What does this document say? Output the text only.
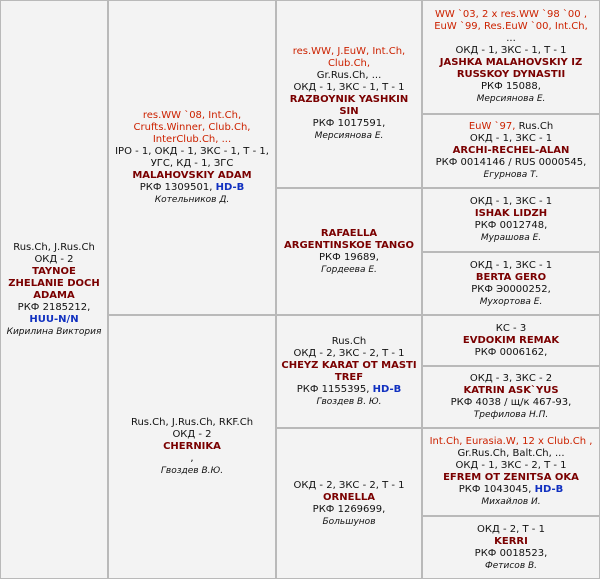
Rus.Ch, J.Rus.Ch
ОКД - 2
TAYNOE ZHELANIE DOCH ADAMA
РКФ 2185212,
HUU-N/N
Кирилина Виктория
res.WW `08, Int.Ch, Crufts.Winner, Club.Ch, InterClub.Ch, ...
IPO - 1, ОКД - 1, ЗКС - 1, Т - 1, УГС, КД - 1, ЗГС
MALAHOVSKIY ADAM
РКФ 1309501, HD-B
Котельников Д.
Rus.Ch, J.Rus.Ch, RKF.Ch
ОКД - 2
CHERNIKA
,
Гвоздев В.Ю.
res.WW, J.EuW, Int.Ch, Club.Ch,
Gr.Rus.Ch, ...
ОКД - 1, ЗКС - 1, Т - 1
RAZBOYNIK YASHKIN SIN
РКФ 1017591,
Мерсиянова Е.
RAFAELLA ARGENTINSKOE TANGO
РКФ 19689,
Гордеева Е.
Rus.Ch
ОКД - 2, ЗКС - 2, Т - 1
CHEYZ KARAT OT MASTI TREF
РКФ 1155395, HD-B
Гвоздев В. Ю.
ОКД - 2, ЗКС - 2, Т - 1
ORNELLA
РКФ 1269699,
Большунов
WW `03, 2 x res.WW `98 `00 , EuW `99, Res.EuW `00, Int.Ch,
...
ОКД - 1, ЗКС - 1, Т - 1
JASHKA MALAHOVSKIY IZ RUSSKOY DYNASTII
РКФ 15088,
Мерсиянова Е.
EuW `97, Rus.Ch
ОКД - 1, ЗКС - 1
ARCHI-RECHEL-ALAN
РКФ 0014146 / RUS 0000545,
Егурнова Т.
ОКД - 1, ЗКС - 1
ISHAK LIDZH
РКФ 0012748,
Мурашова Е.
ОКД - 1, ЗКС - 1
BERTA GERO
РКФ Э0000252,
Мухортова Е.
КС - 3
EVDOKIM REMAK
РКФ 0006162,
ОКД - 3, ЗКС - 2
KATRIN ASK`YUS
РКФ 4038 / щ/к 467-93,
Трефилова Н.П.
Int.Ch, Eurasia.W, 12 x Club.Ch ,
Gr.Rus.Ch, Balt.Ch, ...
ОКД - 1, ЗКС - 2, Т - 1
EFREM OT ZENITSA OKA
РКФ 1043045, HD-B
Михайлов И.
ОКД - 2, Т - 1
KERRI
РКФ 0018523,
Фетисов В.
